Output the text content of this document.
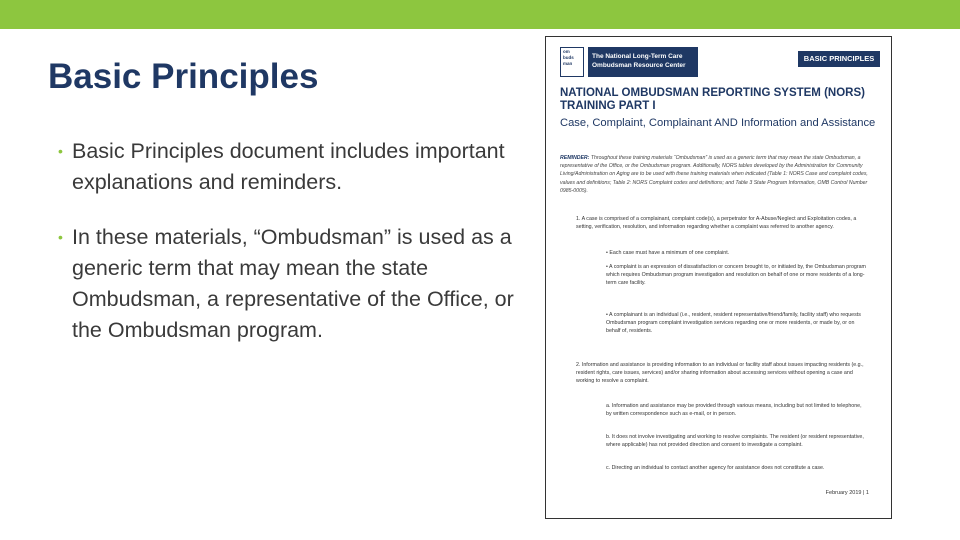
Basic Principles
• Basic Principles document includes important explanations and reminders.
• In these materials, “Ombudsman” is used as a generic term that may mean the state Ombudsman, a representative of the Office, or the Ombudsman program.
om buds man
The National Long-Term Care
Ombudsman Resource Center
BASIC PRINCIPLES
NATIONAL OMBUDSMAN REPORTING SYSTEM (NORS) TRAINING PART I
Case, Complaint, Complainant AND Information and Assistance
REMINDER: Throughout these training materials “Ombudsman” is used as a generic term that may mean the state Ombudsman, a representative of the Office, or the Ombudsman program. Additionally, NORS tables developed by the Administration for Community Living/Administration on Aging are to be used with these training materials when indicated (Table 1: NORS Case and complaint codes, values and definitions; Table 2: NORS Complaint codes and definitions; and Table 3 State Program Information, OMB Control Number 0985-0005).
1. A case is comprised of a complainant, complaint code(s), a perpetrator for A-Abuse/Neglect and Exploitation codes, a setting, verification, resolution, and information regarding whether a complaint was referred to another agency.
• Each case must have a minimum of one complaint.
• A complaint is an expression of dissatisfaction or concern brought to, or initiated by, the Ombudsman program which requires Ombudsman program investigation and resolution on behalf of one or more residents of a long-term care facility.
• A complainant is an individual (i.e., resident, resident representative/friend/family, facility staff) who requests Ombudsman program complaint investigation services regarding one or more residents, or made by, or on behalf of, residents.
2. Information and assistance is providing information to an individual or facility staff about issues impacting residents (e.g., resident rights, care issues, services) and/or sharing information about accessing services without opening a case and working to resolve a complaint.
a. Information and assistance may be provided through various means, including but not limited to telephone, by written correspondence such as e-mail, or in person.
b. It does not involve investigating and working to resolve complaints. The resident (or resident representative, where applicable) has not provided direction and consent to investigate a complaint.
c. Directing an individual to contact another agency for assistance does not constitute a case.
February 2019 | 1
